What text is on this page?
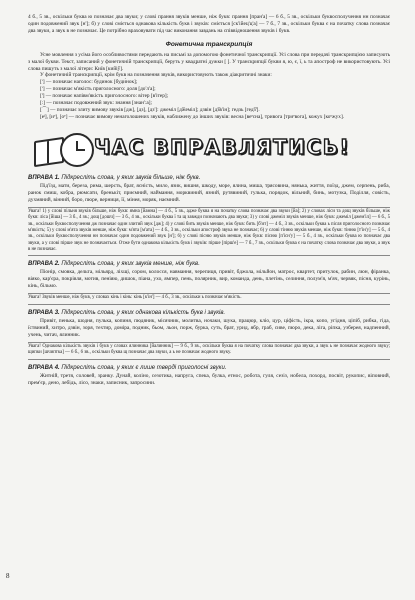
4 б., 5 зв., оскільки буква ю позначає два звуки; у слові прання звуків менше, ніж букв: прання [пран'а] — 6 б., 5 зв., оскільки буквосполучення нн позначає один подовжений звук [н']; б) у слові сміється однакова кількість букв і звуків: сміється [ск'ійец'ц'а] — 7 б., 7 зв., оскільки буква є на початку слова позначає два звуки, а звук в не позначає. Це потрібно враховувати під час виконання завдань на співвідношення звуків і букв.

Фонетична транскрипція

Усне мовлення з усіма його особливостями передають на письмі за допомогою фонетичної транскрипції. Усі слова при передачі транскрипцією записують з малої букви. Текст, записаний у фонетичній транскрипції, беруть у квадратні дужки [ ]. У транскрипції букви я, ю, є, ї, ь та апостроф не використовують. Усі слова пишуть з малої літери: Київ [кийіў].

У фонетичній транскрипції, крім букв на позначення звуків, використовують також діакритичні знаки:

[ʹ] — позначає наголос: будинок [буди́нок];

[ʹ] — позначає м'якість приголосного: доля [до'л'а];

[ꞌ] — позначає напівм'якість приголосного: вітер [в'ітер];

[:] — позначає подовжений звук: знання [знан':а];

[⌒] — позначає злиту вимову звуків [дж], [дз], [дз']: джеміл [д͡жеміл]; дзвін [д͡зв'ін]; гедзь [гед͡з'].

[eʲ], [иᵉ], [оʸ] — позначає вимову ненаголошених звуків, наближену до інших звуків: весна [веᵉсна], тривога [триᵉвога], кожух [коʸжух].

ЧАС ВПРАВЛЯТИСЬ!

ВПРАВА 1. Підкресліть слова, у яких звуків більше, ніж букв.

Під'їзд, мати, береза, рима, шерсть, брат, ясність, мило, язик, вишня, шкоду, море, ялина, миша, трясовина, нянька, життя, поїзд, джем, серпень, риба, ранок смиш, кобра, рюмсати, бренькіт, приємний, наймання, морквиний, язний, рутявиний, гулька, порядок, вільний, бинь, мотузка, Поділля, совість, духмяний, вінний, боро, пюре, верниця, її, мінея, моряк, наємний.

Увага! 1) у слові пільня звуків більше, ніж букв: ямна [йамна] — 4 б., 5 зв., адже буква я на початку слова позначає два звуки [йа]; 2) у словах ліси та дощ звуків більше, ніж букв: ліса [йіша] — 3 б., 4 зв.; дощ [дошч] — 3 б., 4 зв., оскільки буква ї та щ завжди позначають два звуки; 3) у слові джеміл звуків менше, ніж букв: джеміл [джем'іл] — 6 б., 5 зв., оскільки буквосполучення дж позначає один злитий звук [дж]; 4) у слові бить звуків менше, ніж букв: бить [б'ит] — 4 б., 3 зв., оскільки буква ь після приголосного позначає м'якість; 5) у слові м'ята звуків менше, ніж букв: м'ята [м'ата] — 4 б., 3 зв., оскільки апостроф звука не позначає; 6) у слові тінню звуків менше, ніж букв: тінню [т'ін'у] — 5 б., 4 зв., оскільки буквосполучення нн позначає один подовжений звук [н']; 6) у слові пісню звуків менше, ніж букв: пісню [п'існ'у] — 5 б., 4 зв., оскільки буква ю позначає два звуки, а у слові пірше звук не позначається. Отже бути однакова кількість букв і звуків: пірше [пірш'е] — 7 б., 7 зв., оскільки буква є на початку слова позначає два звуки, а звук в не позначає.

ВПРАВА 2. Підкресліть слова, у яких звуків менше, ніж букв.

Піонір, смовка, дельта, мільярд, ліхщі, сором, колосся, навмання, черепиця, привіт, бджола, мільйон, матрос, квартет, притулок, рабин, люн, фіранка, віяко, кар'єра, покрівля, мотив, пеніяю, дишок, піана, ухо, ямпер, пень, полярник, вир, команда, день, плетінь, селиння, полум'я, м'яч, червяк, пісня, курінь, кінь, більмо.

Увага! Звуків менше, ніж букв, у словах кінь і кінь: кінь [к'ін'] — 4 б., 3 зв., оскільки ь позначає м'якість.

ВПРАВА 3. Підкресліть слова, у яких однакова кількість букв і звуків.

Привіт, пенька, шодня, пулька, копиня, пюдяник, місячник, молитва, ночаки, шука, працюр, кліо, цур, ціфість, ікра, копо, угідня, ціпіб, рибка, гіда, їствиний, хитро, дзвін, зоря, техтир, доміра, подник, бьом, льон, порж, бурка, суть, брат, урид, ябр, граб, сиве, пюро, дека, ліга, ріпка, узберея, надпенний, учень, читач, ялинник.

Увага! Однакова кількість звуків і букв у словах ялинника [йалинник] — 9 б., 9 зв., оскільки буква я на початку слова позначає два звуки, а звук ь не позначає жодного звуку; щипки [шчиптка] — 6 б., 6 зв., оскільки буква щ позначає два звуки, а ь не позначає жодного звуку.

ВПРАВА 4. Підкресліть слова, у яких є лише тверді приголосні звуки.

Житній, третя, соловей, зранку. Дунай, коліно, сезотика, напруга, спека, булка, етнос, робота, гуля, сезіз, нобела, похорд, посвіт, рукопис, віповний, прем'єр, дено, лебідь, лісо, знаки, записник, запросини.

8
